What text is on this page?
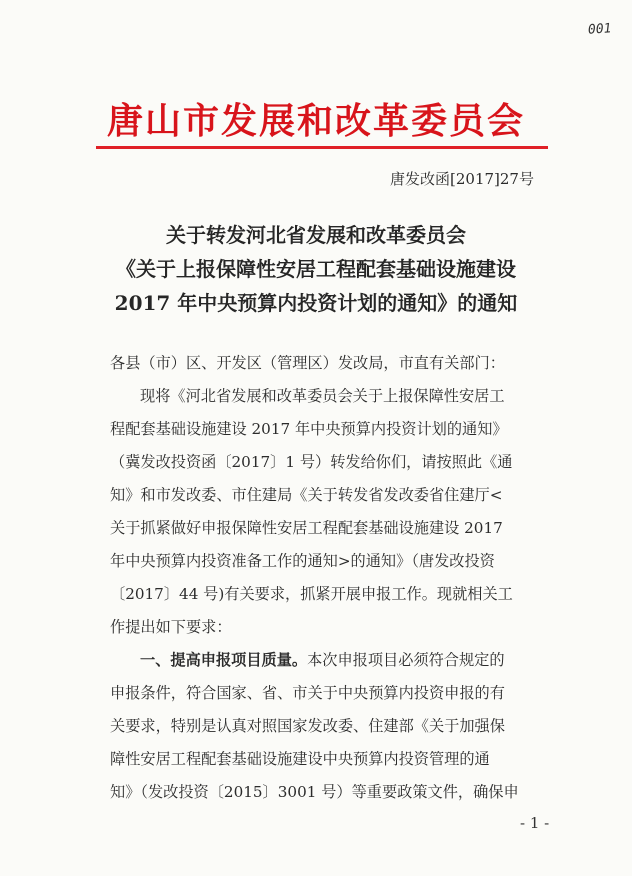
001
唐山市发展和改革委员会
唐发改函[2017]27号
关于转发河北省发展和改革委员会
《关于上报保障性安居工程配套基础设施建设
2017 年中央预算内投资计划的通知》的通知
各县（市）区、开发区（管理区）发改局，市直有关部门：
现将《河北省发展和改革委员会关于上报保障性安居工
程配套基础设施建设 2017 年中央预算内投资计划的通知》
（冀发改投资函〔2017〕1 号）转发给你们，请按照此《通
知》和市发改委、市住建局《关于转发省发改委省住建厅<
关于抓紧做好申报保障性安居工程配套基础设施建设 2017
年中央预算内投资准备工作的通知>的通知》（唐发改投资
〔2017〕44 号)有关要求，抓紧开展申报工作。现就相关工
作提出如下要求：
一、提高申报项目质量。本次申报项目必须符合规定的
申报条件，符合国家、省、市关于中央预算内投资申报的有
关要求，特别是认真对照国家发改委、住建部《关于加强保
障性安居工程配套基础设施建设中央预算内投资管理的通
知》（发改投资〔2015〕3001 号）等重要政策文件，确保申
- 1 -
